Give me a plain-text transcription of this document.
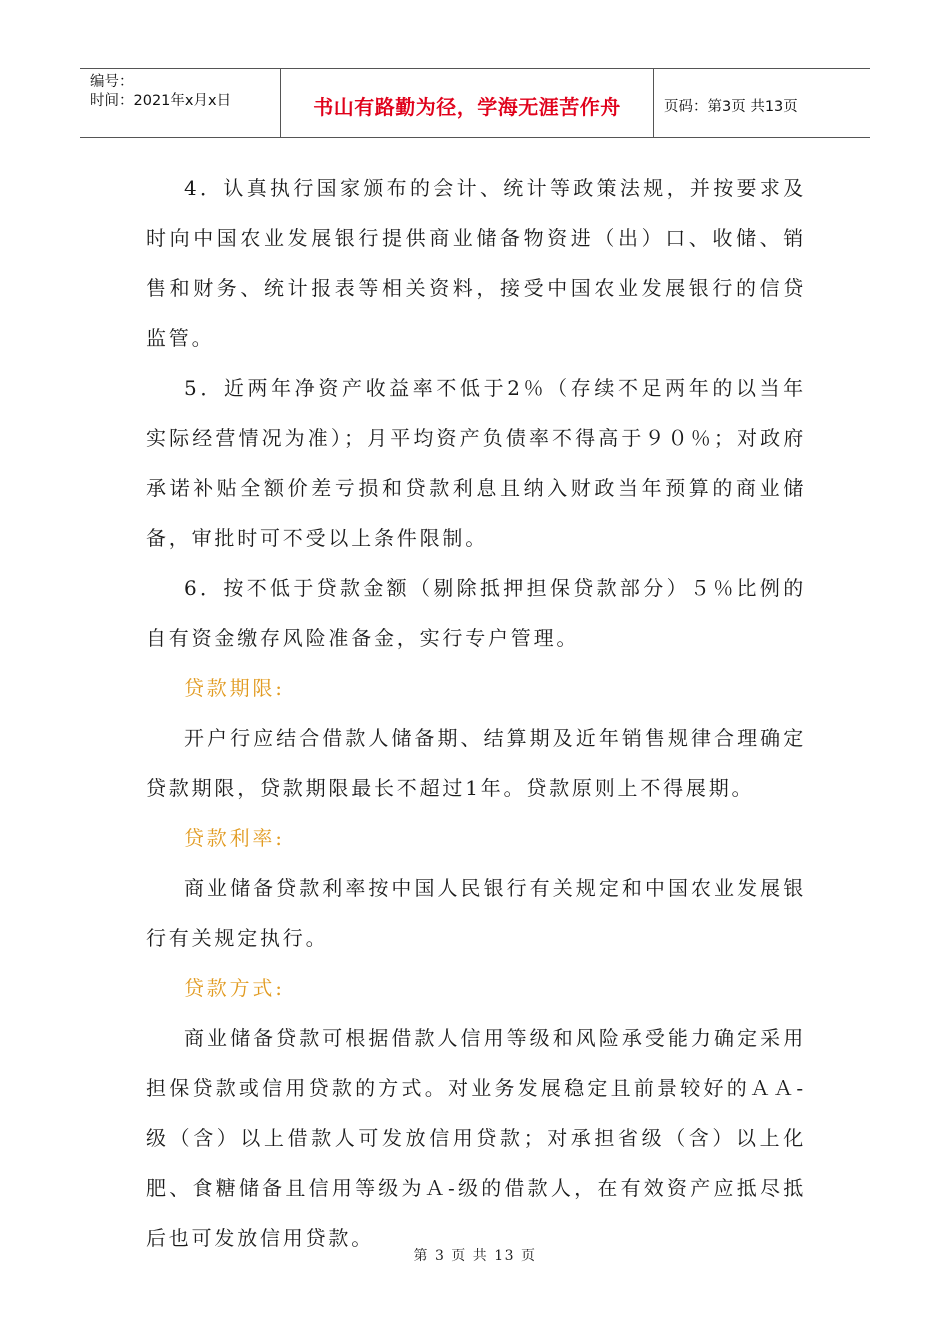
编号：
时间：2021年x月x日	书山有路勤为径，学海无涯苦作舟	页码：第3页 共13页

4．认真执行国家颁布的会计、统计等政策法规，并按要求及时向中国农业发展银行提供商业储备物资进（出）口、收储、销售和财务、统计报表等相关资料，接受中国农业发展银行的信贷监管。

5．近两年净资产收益率不低于2％（存续不足两年的以当年实际经营情况为准）；月平均资产负债率不得高于９０％；对政府承诺补贴全额价差亏损和贷款利息且纳入财政当年预算的商业储备，审批时可不受以上条件限制。

6．按不低于贷款金额（剔除抵押担保贷款部分）５％比例的自有资金缴存风险准备金，实行专户管理。

贷款期限:

开户行应结合借款人储备期、结算期及近年销售规律合理确定贷款期限，贷款期限最长不超过1年。贷款原则上不得展期。

贷款利率:

商业储备贷款利率按中国人民银行有关规定和中国农业发展银行有关规定执行。

贷款方式:

商业储备贷款可根据借款人信用等级和风险承受能力确定采用担保贷款或信用贷款的方式。对业务发展稳定且前景较好的ＡＡ-级（含）以上借款人可发放信用贷款；对承担省级（含）以上化肥、食糖储备且信用等级为Ａ-级的借款人，在有效资产应抵尽抵后也可发放信用贷款。

第 3 页 共 13 页
